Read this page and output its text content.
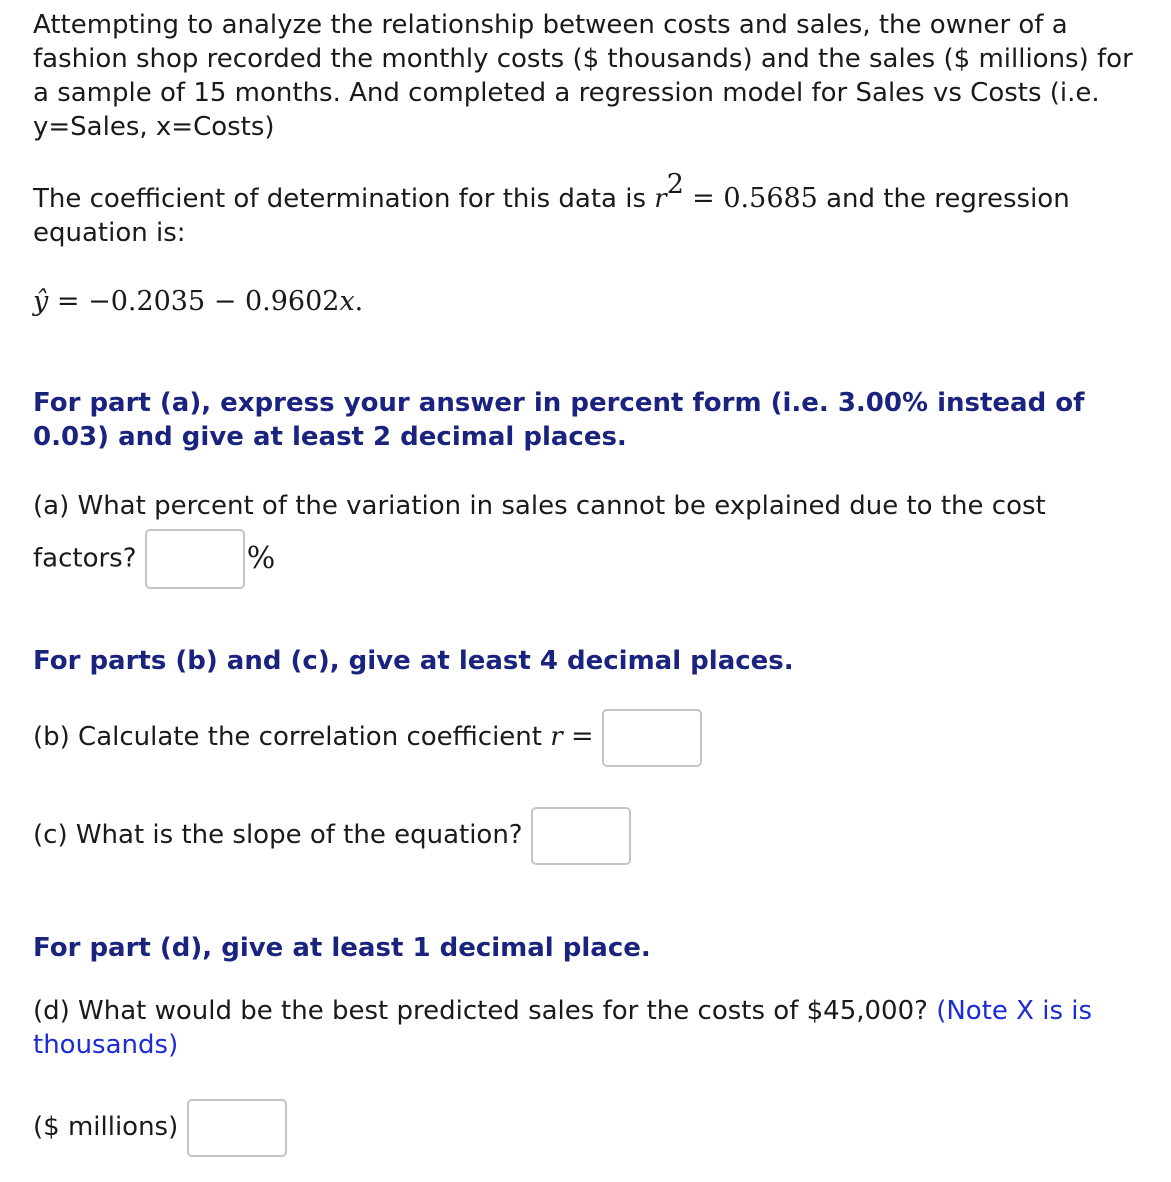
Attempting to analyze the relationship between costs and sales, the owner of a fashion shop recorded the monthly costs ($ thousands) and the sales ($ millions) for a sample of 15 months. And completed a regression model for Sales vs Costs (i.e. y=Sales, x=Costs)

The coefficient of determination for this data is $r^2 = 0.5685$ and the regression equation is:

ŷ = −0.2035 − 0.9602x.

For part (a), express your answer in percent form (i.e. 3.00% instead of 0.03) and give at least 2 decimal places.

(a) What percent of the variation in sales cannot be explained due to the cost factors?	%

For parts (b) and (c), give at least 4 decimal places.

(b) Calculate the correlation coefficient r =

(c) What is the slope of the equation?

For part (d), give at least 1 decimal place.

(d) What would be the best predicted sales for the costs of $45,000? (Note X is is thousands)

($ millions)
